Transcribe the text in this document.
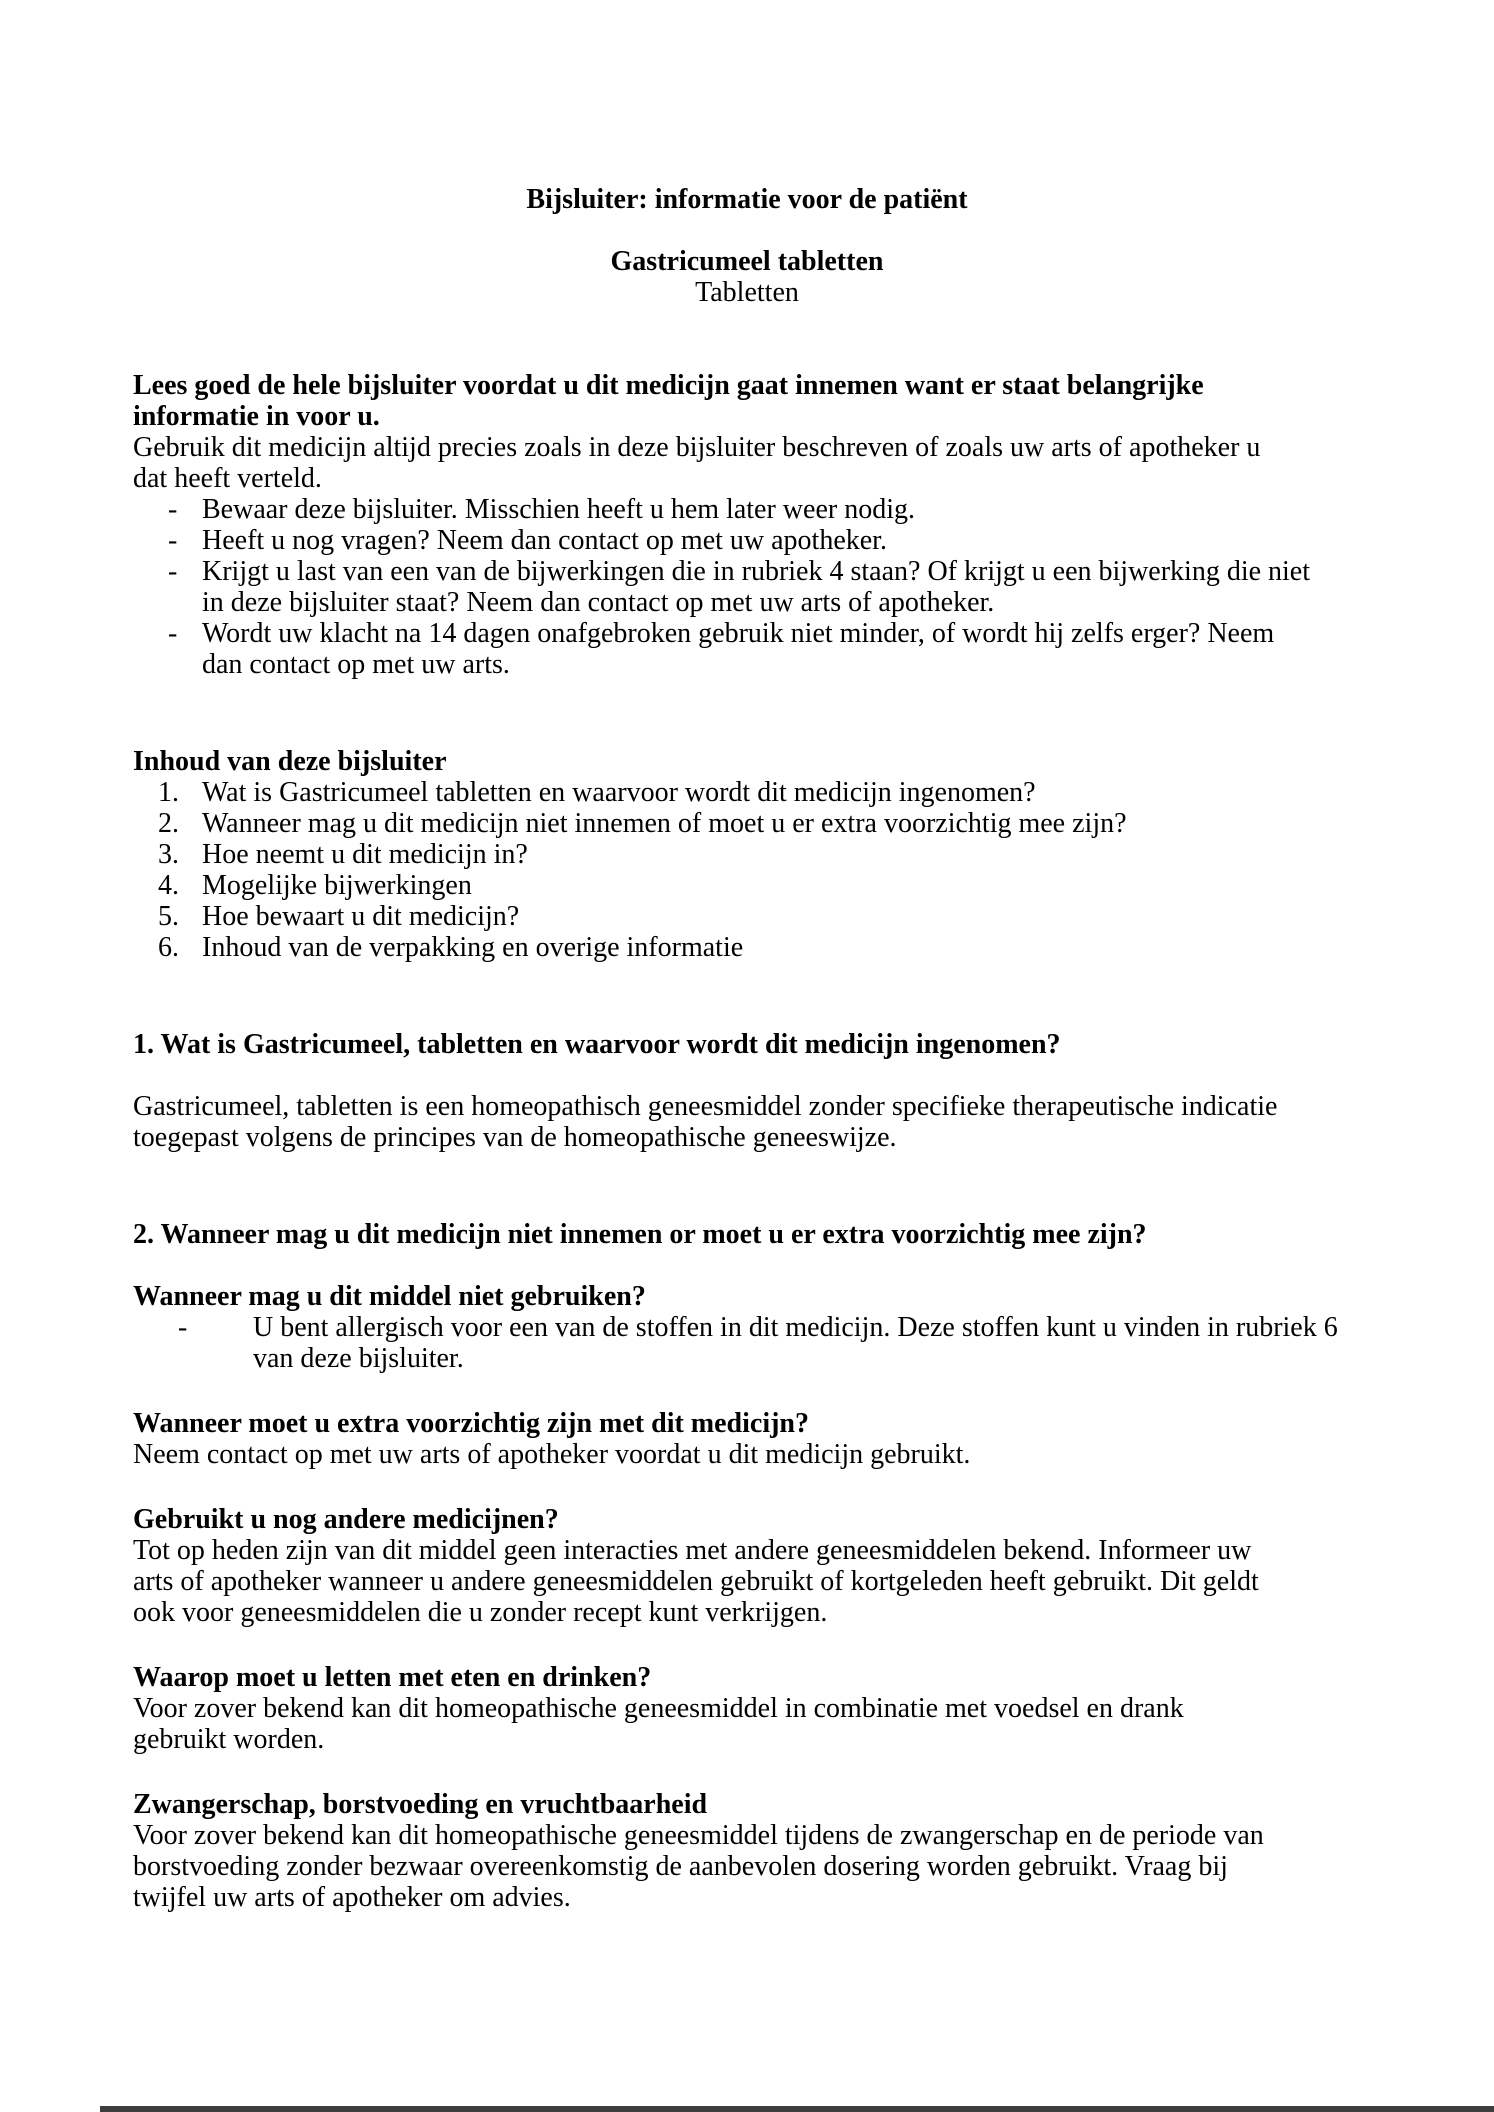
Bijsluiter: informatie voor de patiënt
Gastricumeel tabletten
Tabletten
Lees goed de hele bijsluiter voordat u dit medicijn gaat innemen want er staat belangrijke
informatie in voor u.
Gebruik dit medicijn altijd precies zoals in deze bijsluiter beschreven of zoals uw arts of apotheker u
dat heeft verteld.
- Bewaar deze bijsluiter. Misschien heeft u hem later weer nodig.
- Heeft u nog vragen? Neem dan contact op met uw apotheker.
- Krijgt u last van een van de bijwerkingen die in rubriek 4 staan? Of krijgt u een bijwerking die niet
in deze bijsluiter staat? Neem dan contact op met uw arts of apotheker.
- Wordt uw klacht na 14 dagen onafgebroken gebruik niet minder, of wordt hij zelfs erger? Neem
dan contact op met uw arts.
Inhoud van deze bijsluiter
1. Wat is Gastricumeel tabletten en waarvoor wordt dit medicijn ingenomen?
2. Wanneer mag u dit medicijn niet innemen of moet u er extra voorzichtig mee zijn?
3. Hoe neemt u dit medicijn in?
4. Mogelijke bijwerkingen
5. Hoe bewaart u dit medicijn?
6. Inhoud van de verpakking en overige informatie
1. Wat is Gastricumeel, tabletten en waarvoor wordt dit medicijn ingenomen?
Gastricumeel, tabletten is een homeopathisch geneesmiddel zonder specifieke therapeutische indicatie
toegepast volgens de principes van de homeopathische geneeswijze.
2. Wanneer mag u dit medicijn niet innemen or moet u er extra voorzichtig mee zijn?
Wanneer mag u dit middel niet gebruiken?
- U bent allergisch voor een van de stoffen in dit medicijn. Deze stoffen kunt u vinden in rubriek 6
van deze bijsluiter.
Wanneer moet u extra voorzichtig zijn met dit medicijn?
Neem contact op met uw arts of apotheker voordat u dit medicijn gebruikt.
Gebruikt u nog andere medicijnen?
Tot op heden zijn van dit middel geen interacties met andere geneesmiddelen bekend. Informeer uw
arts of apotheker wanneer u andere geneesmiddelen gebruikt of kortgeleden heeft gebruikt. Dit geldt
ook voor geneesmiddelen die u zonder recept kunt verkrijgen.
Waarop moet u letten met eten en drinken?
Voor zover bekend kan dit homeopathische geneesmiddel in combinatie met voedsel en drank
gebruikt worden.
Zwangerschap, borstvoeding en vruchtbaarheid
Voor zover bekend kan dit homeopathische geneesmiddel tijdens de zwangerschap en de periode van
borstvoeding zonder bezwaar overeenkomstig de aanbevolen dosering worden gebruikt. Vraag bij
twijfel uw arts of apotheker om advies.
